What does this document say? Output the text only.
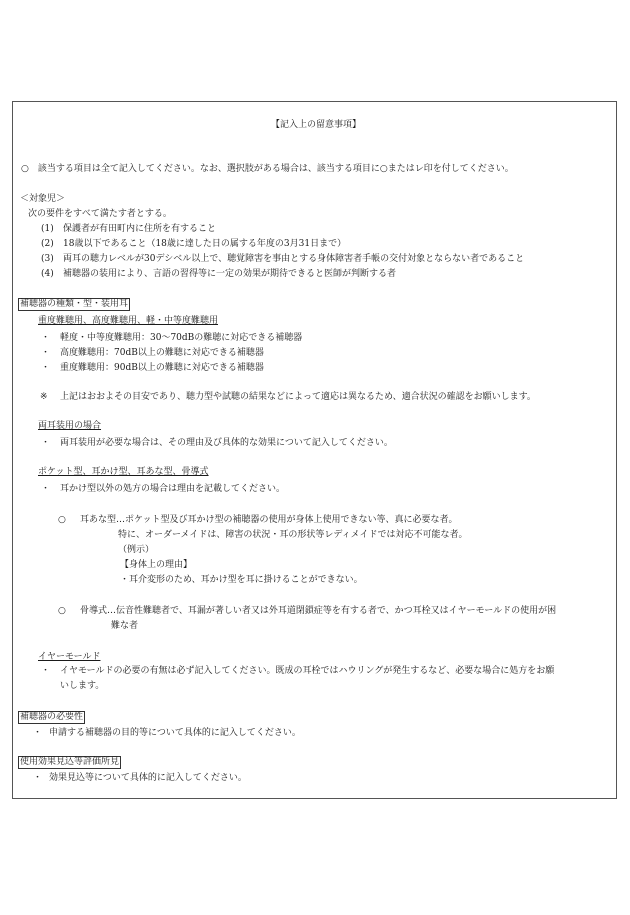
【記入上の留意事項】
○　該当する項目は全て記入してください。なお、選択肢がある場合は、該当する項目に○またはレ印を付してください。
＜対象児＞
次の要件をすべて満たす者とする。
(1) 保護者が有田町内に住所を有すること
(2) 18歳以下であること（18歳に達した日の属する年度の3月31日まで）
(3) 両耳の聴力レベルが30デシベル以上で、聴覚障害を事由とする身体障害者手帳の交付対象とならない者であること
(4) 補聴器の装用により、言語の習得等に一定の効果が期待できると医師が判断する者
補聴器の種類・型・装用耳
重度難聴用、高度難聴用、軽・中等度難聴用
・ 軽度・中等度難聴用：30～70dBの難聴に対応できる補聴器
・ 高度難聴用：70dB以上の難聴に対応できる補聴器
・ 重度難聴用：90dB以上の難聴に対応できる補聴器
※ 上記はおおよその目安であり、聴力型や試聴の結果などによって適応は異なるため、適合状況の確認をお願いします。
両耳装用の場合
・ 両耳装用が必要な場合は、その理由及び具体的な効果について記入してください。
ポケット型、耳かけ型、耳あな型、骨導式
・ 耳かけ型以外の処方の場合は理由を記載してください。
○ 耳あな型…ポケット型及び耳かけ型の補聴器の使用が身体上使用できない等、真に必要な者。
特に、オーダーメイドは、障害の状況・耳の形状等レディメイドでは対応不可能な者。
（例示）
【身体上の理由】
・耳介変形のため、耳かけ型を耳に掛けることができない。
○ 骨導式…伝音性難聴者で、耳漏が著しい者又は外耳道閉鎖症等を有する者で、かつ耳栓又はイヤーモールドの使用が困
難な者
イヤーモールド
・ イヤモールドの必要の有無は必ず記入してください。既成の耳栓ではハウリングが発生するなど、必要な場合に処方をお願
いします。
補聴器の必要性
・ 申請する補聴器の目的等について具体的に記入してください。
使用効果見込等評価所見
・ 効果見込等について具体的に記入してください。
